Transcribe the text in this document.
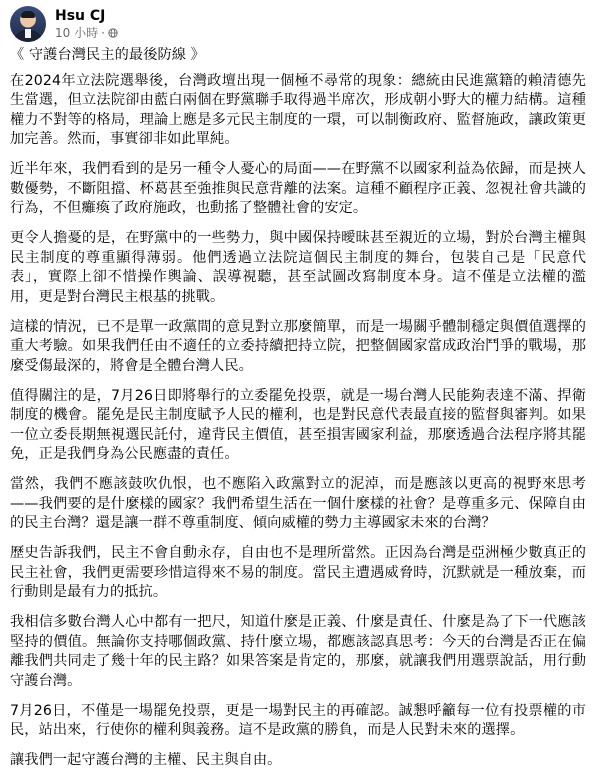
Hsu CJ
10 小時 ·

《 守護台灣民主的最後防線 》

在2024年立法院選舉後，台灣政壇出現一個極不尋常的現象：總統由民進黨籍的賴清德先生當選，但立法院卻由藍白兩個在野黨聯手取得過半席次，形成朝小野大的權力結構。這種權力不對等的格局，理論上應是多元民主制度的一環，可以制衡政府、監督施政，讓政策更加完善。然而，事實卻非如此單純。

近半年來，我們看到的是另一種令人憂心的局面——在野黨不以國家利益為依歸，而是挾人數優勢，不斷阻擋、杯葛甚至強推與民意背離的法案。這種不顧程序正義、忽視社會共識的行為，不但癱瘓了政府施政，也動搖了整體社會的安定。

更令人擔憂的是，在野黨中的一些勢力，與中國保持曖昧甚至親近的立場，對於台灣主權與民主制度的尊重顯得薄弱。他們透過立法院這個民主制度的舞台，包裝自己是「民意代表」，實際上卻不惜操作輿論、誤導視聽，甚至試圖改寫制度本身。這不僅是立法權的濫用，更是對台灣民主根基的挑戰。

這樣的情況，已不是單一政黨間的意見對立那麼簡單，而是一場關乎體制穩定與價值選擇的重大考驗。如果我們任由不適任的立委持續把持立院，把整個國家當成政治鬥爭的戰場，那麼受傷最深的，將會是全體台灣人民。

值得關注的是，7月26日即將舉行的立委罷免投票，就是一場台灣人民能夠表達不滿、捍衛制度的機會。罷免是民主制度賦予人民的權利，也是對民意代表最直接的監督與審判。如果一位立委長期無視選民託付，違背民主價值，甚至損害國家利益，那麼透過合法程序將其罷免，正是我們身為公民應盡的責任。

當然，我們不應該鼓吹仇恨，也不應陷入政黨對立的泥淖，而是應該以更高的視野來思考——我們要的是什麼樣的國家？我們希望生活在一個什麼樣的社會？是尊重多元、保障自由的民主台灣？還是讓一群不尊重制度、傾向威權的勢力主導國家未來的台灣？

歷史告訴我們，民主不會自動永存，自由也不是理所當然。正因為台灣是亞洲極少數真正的民主社會，我們更需要珍惜這得來不易的制度。當民主遭遇威脅時，沉默就是一種放棄，而行動則是最有力的抵抗。

我相信多數台灣人心中都有一把尺，知道什麼是正義、什麼是責任、什麼是為了下一代應該堅持的價值。無論你支持哪個政黨、持什麼立場，都應該認真思考：今天的台灣是否正在偏離我們共同走了幾十年的民主路？如果答案是肯定的，那麼，就讓我們用選票說話，用行動守護台灣。

7月26日，不僅是一場罷免投票，更是一場對民主的再確認。誠懇呼籲每一位有投票權的市民，站出來，行使你的權利與義務。這不是政黨的勝負，而是人民對未來的選擇。

讓我們一起守護台灣的主權、民主與自由。
